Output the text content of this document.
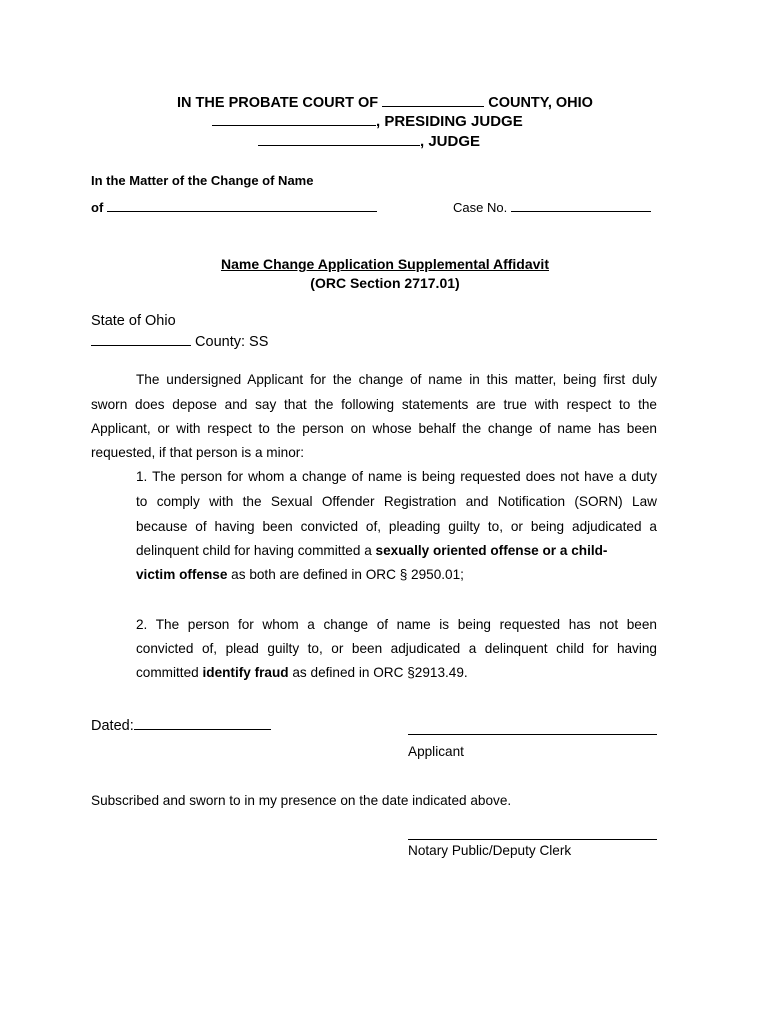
IN THE PROBATE COURT OF	COUNTY, OHIO
, PRESIDING JUDGE
, JUDGE
In the Matter of the Change of Name
of	Case No.
Name Change Application Supplemental Affidavit
(ORC Section 2717.01)
State of Ohio
County: SS
The undersigned Applicant for the change of name in this matter, being first duly
sworn does depose and say that the following statements are true with respect to the
Applicant, or with respect to the person on whose behalf the change of name has been
requested, if that person is a minor:
1. The person for whom a change of name is being requested does not have a duty
to comply with the Sexual Offender Registration and Notification (SORN) Law
because of having been convicted of, pleading guilty to, or being adjudicated a
delinquent child for having committed a sexually oriented offense or a child-
victim offense as both are defined in ORC § 2950.01;
2. The person for whom a change of name is being requested has not been
convicted of, plead guilty to, or been adjudicated a delinquent child for having
committed identify fraud as defined in ORC §2913.49.
Dated:
Applicant
Subscribed and sworn to in my presence on the date indicated above.
Notary Public/Deputy Clerk
